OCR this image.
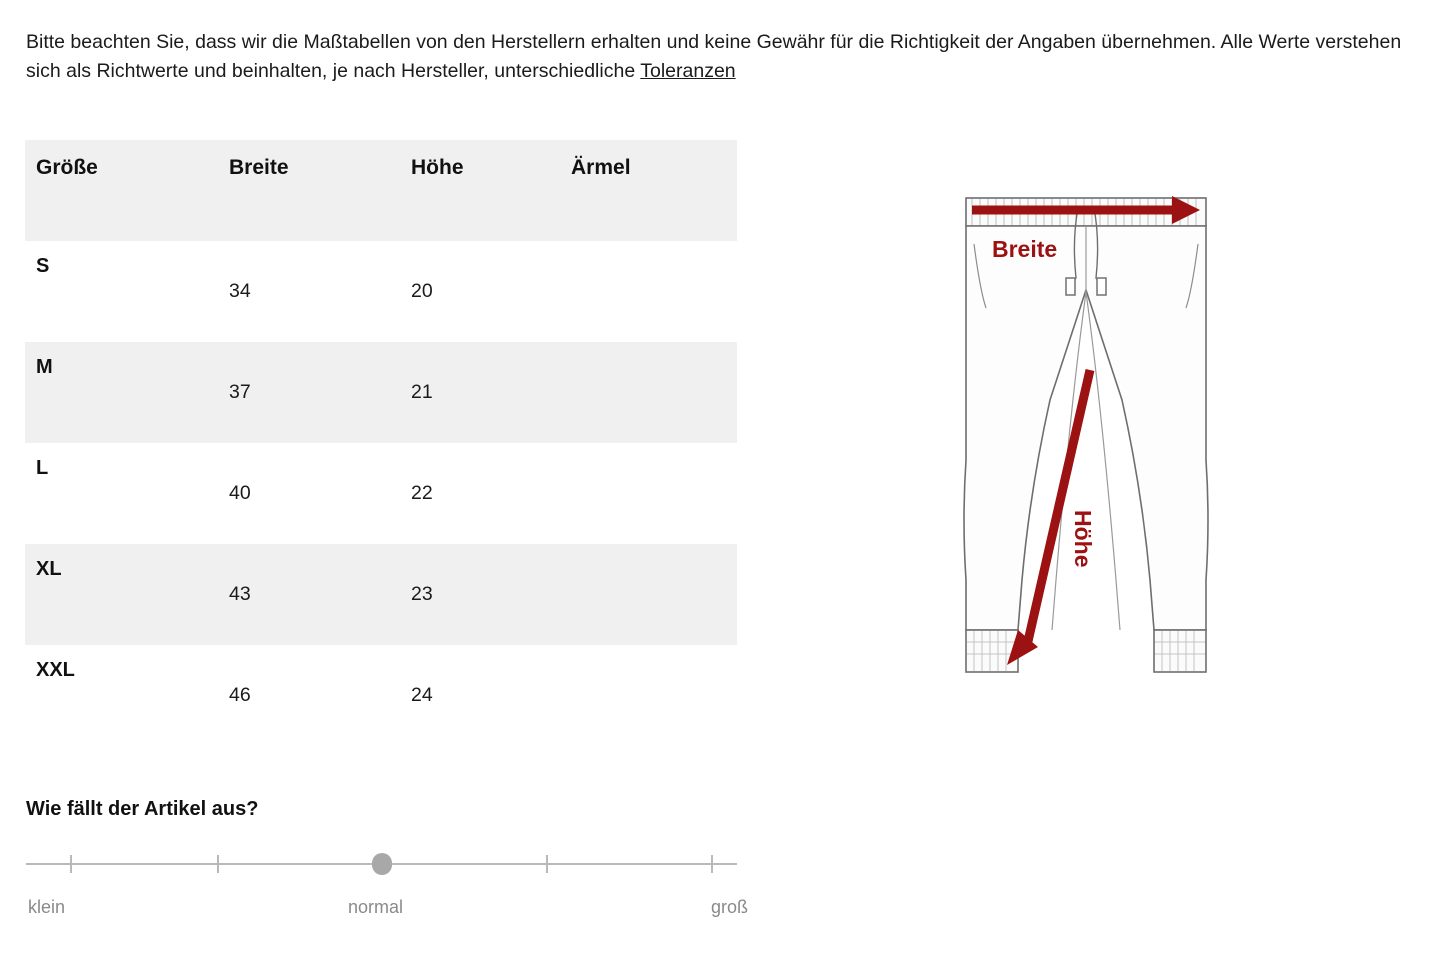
Bitte beachten Sie, dass wir die Maßtabellen von den Herstellern erhalten und keine Gewähr für die Richtigkeit der Angaben übernehmen. Alle Werte verstehen sich als Richtwerte und beinhalten, je nach Hersteller, unterschiedliche Toleranzen

Größe	Breite	Höhe	Ärmel
S	34	20	
M	37	21	
L	40	22	
XL	43	23	
XXL	46	24	
Wie fällt der Artikel aus?
klein	normal	groß
Breite
Höhe
